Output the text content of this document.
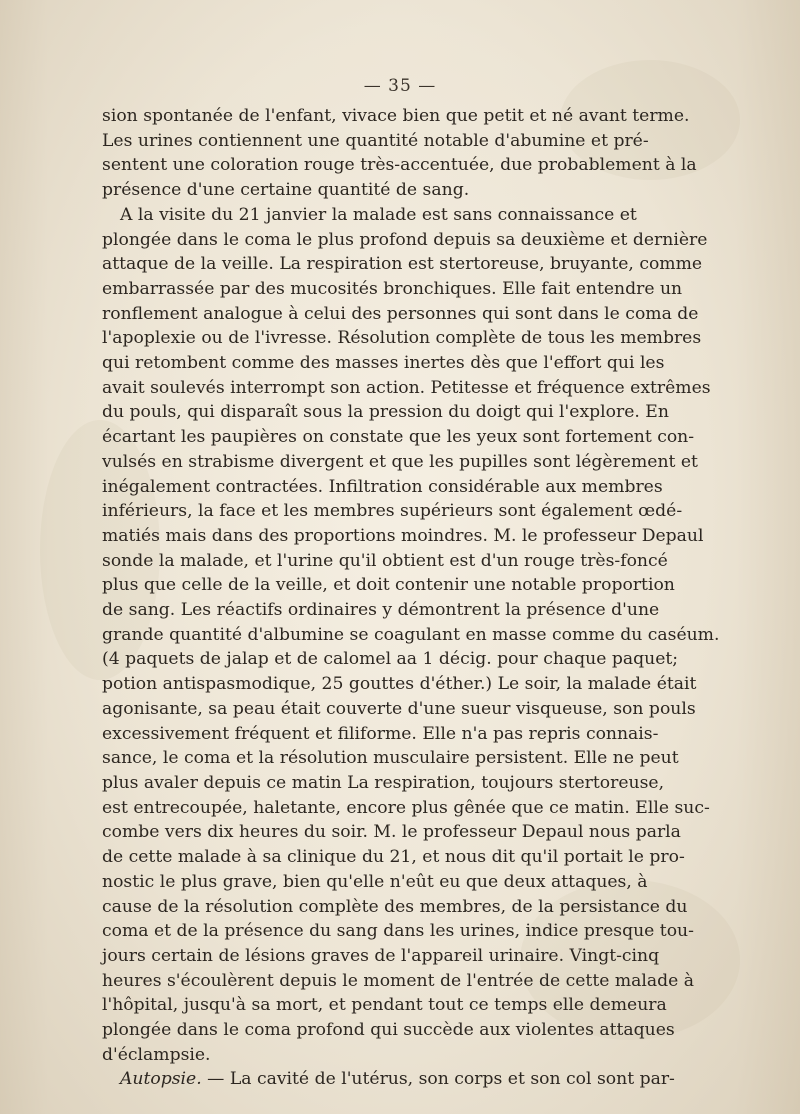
— 35 —

sion spontanée de l'enfant, vivace bien que petit et né avant terme.
Les urines contiennent une quantité notable d'abumine et pré-
sentent une coloration rouge très-accentuée, due probablement à la
présence d'une certaine quantité de sang.

A la visite du 21 janvier la malade est sans connaissance et
plongée dans le coma le plus profond depuis sa deuxième et dernière
attaque de la veille. La respiration est stertoreuse, bruyante, comme
embarrassée par des mucosités bronchiques. Elle fait entendre un
ronflement analogue à celui des personnes qui sont dans le coma de
l'apoplexie ou de l'ivresse. Résolution complète de tous les membres
qui retombent comme des masses inertes dès que l'effort qui les
avait soulevés interrompt son action. Petitesse et fréquence extrêmes
du pouls, qui disparaît sous la pression du doigt qui l'explore. En
écartant les paupières on constate que les yeux sont fortement con-
vulsés en strabisme divergent et que les pupilles sont légèrement et
inégalement contractées. Infiltration considérable aux membres
inférieurs, la face et les membres supérieurs sont également œdé-
matiés mais dans des proportions moindres. M. le professeur Depaul
sonde la malade, et l'urine qu'il obtient est d'un rouge très-foncé
plus que celle de la veille, et doit contenir une notable proportion
de sang. Les réactifs ordinaires y démontrent la présence d'une
grande quantité d'albumine se coagulant en masse comme du caséum.
(4 paquets de jalap et de calomel aa 1 décig. pour chaque paquet;
potion antispasmodique, 25 gouttes d'éther.) Le soir, la malade était
agonisante, sa peau était couverte d'une sueur visqueuse, son pouls
excessivement fréquent et filiforme. Elle n'a pas repris connais-
sance, le coma et la résolution musculaire persistent. Elle ne peut
plus avaler depuis ce matin La respiration, toujours stertoreuse,
est entrecoupée, haletante, encore plus gênée que ce matin. Elle suc-
combe vers dix heures du soir. M. le professeur Depaul nous parla
de cette malade à sa clinique du 21, et nous dit qu'il portait le pro-
nostic le plus grave, bien qu'elle n'eût eu que deux attaques, à
cause de la résolution complète des membres, de la persistance du
coma et de la présence du sang dans les urines, indice presque tou-
jours certain de lésions graves de l'appareil urinaire. Vingt-cinq
heures s'écoulèrent depuis le moment de l'entrée de cette malade à
l'hôpital, jusqu'à sa mort, et pendant tout ce temps elle demeura
plongée dans le coma profond qui succède aux violentes attaques
d'éclampsie.

Autopsie. — La cavité de l'utérus, son corps et son col sont par-
